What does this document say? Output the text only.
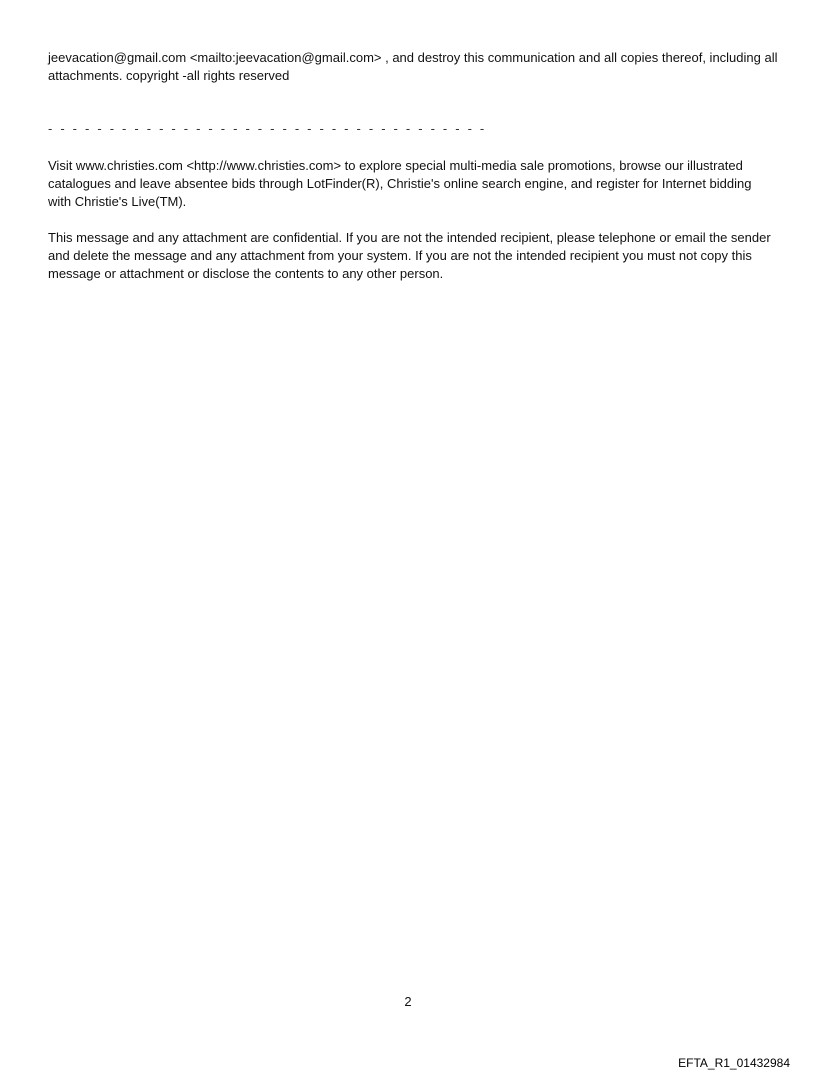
jeevacation@gmail.com <mailto:jeevacation@gmail.com> , and destroy this communication and all copies thereof, including all attachments. copyright -all rights reserved

- - - - - - - - - - - - - - - - - - - - - - - - - - - - - - - - - - - -

Visit www.christies.com <http://www.christies.com> to explore special multi-media sale promotions, browse our illustrated catalogues and leave absentee bids through LotFinder(R), Christie's online search engine, and register for Internet bidding with Christie's Live(TM).

This message and any attachment are confidential. If you are not the intended recipient, please telephone or email the sender and delete the message and any attachment from your system. If you are not the intended recipient you must not copy this message or attachment or disclose the contents to any other person.

2
EFTA_R1_01432984
